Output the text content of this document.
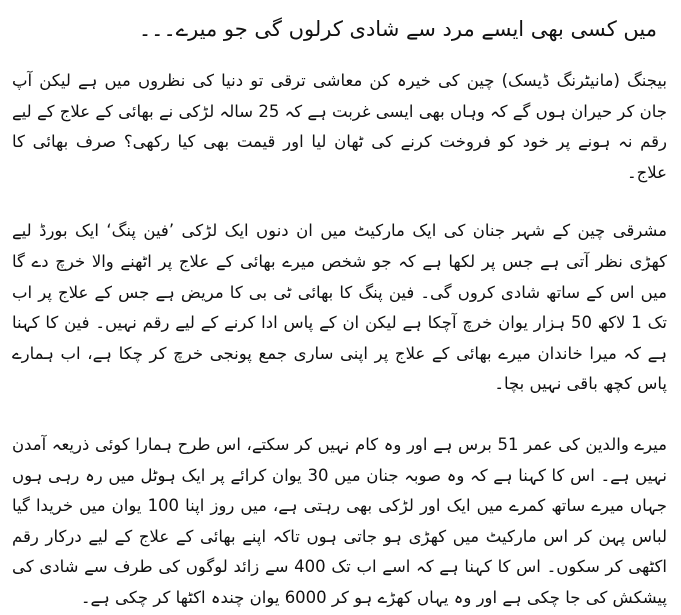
میں کسی بھی ایسے مرد سے شادی کرلوں گی جو میرے۔۔۔

بیجنگ (مانیٹرنگ ڈیسک) چین کی خیرہ کن معاشی ترقی تو دنیا کی نظروں میں ہے لیکن آپ جان کر حیران ہوں گے کہ وہاں بھی ایسی غربت ہے کہ 25 سالہ لڑکی نے بھائی کے علاج کے لیے رقم نہ ہونے پر خود کو فروخت کرنے کی ٹھان لیا اور قیمت بھی کیا رکھی؟ صرف بھائی کا علاج۔

مشرقی چین کے شہر جنان کی ایک مارکیٹ میں ان دنوں ایک لڑکی ’فین پنگ‘ ایک بورڈ لیے کھڑی نظر آتی ہے جس پر لکھا ہے کہ جو شخص میرے بھائی کے علاج پر اٹھنے والا خرچ دے گا میں اس کے ساتھ شادی کروں گی۔ فین پنگ کا بھائی ٹی بی کا مریض ہے جس کے علاج پر اب تک 1 لاکھ 50 ہزار یوان خرچ آچکا ہے لیکن ان کے پاس ادا کرنے کے لیے رقم نہیں۔ فین کا کہنا ہے کہ میرا خاندان میرے بھائی کے علاج پر اپنی ساری جمع پونجی خرچ کر چکا ہے، اب ہمارے پاس کچھ باقی نہیں بچا۔

میرے والدین کی عمر 51 برس ہے اور وہ کام نہیں کر سکتے، اس طرح ہمارا کوئی ذریعہ آمدن نہیں ہے۔ اس کا کہنا ہے کہ وہ صوبہ جنان میں 30 یوان کرائے پر ایک ہوٹل میں رہ رہی ہوں جہاں میرے ساتھ کمرے میں ایک اور لڑکی بھی رہتی ہے، میں روز اپنا 100 یوان میں خریدا گیا لباس پہن کر اس مارکیٹ میں کھڑی ہو جاتی ہوں تاکہ اپنے بھائی کے علاج کے لیے درکار رقم اکٹھی کر سکوں۔ اس کا کہنا ہے کہ اسے اب تک 400 سے زائد لوگوں کی طرف سے شادی کی پیشکش کی جا چکی ہے اور وہ یہاں کھڑے ہو کر 6000 یوان چندہ اکٹھا کر چکی ہے۔
